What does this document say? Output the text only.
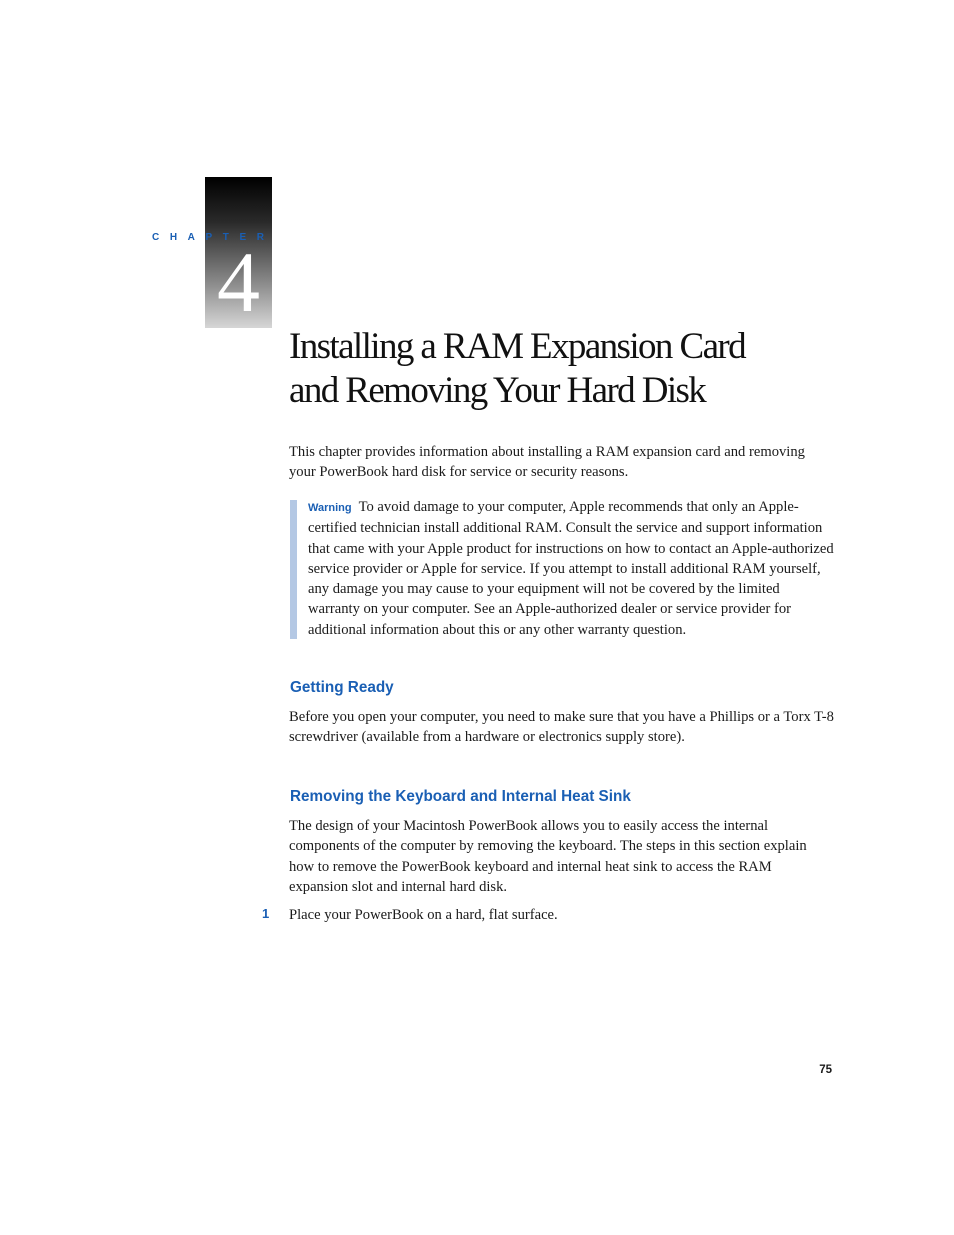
4
CHAPTER
Installing a RAM Expansion Card
and Removing Your Hard Disk

This chapter provides information about installing a RAM expansion card and removing your PowerBook hard disk for service or security reasons.

Warning To avoid damage to your computer, Apple recommends that only an Apple-certified technician install additional RAM. Consult the service and support information that came with your Apple product for instructions on how to contact an Apple-authorized service provider or Apple for service. If you attempt to install additional RAM yourself, any damage you may cause to your equipment will not be covered by the limited warranty on your computer. See an Apple-authorized dealer or service provider for additional information about this or any other warranty question.

Getting Ready

Before you open your computer, you need to make sure that you have a Phillips or a Torx T-8 screwdriver (available from a hardware or electronics supply store).

Removing the Keyboard and Internal Heat Sink

The design of your Macintosh PowerBook allows you to easily access the internal components of the computer by removing the keyboard. The steps in this section explain how to remove the PowerBook keyboard and internal heat sink to access the RAM expansion slot and internal hard disk.

1 Place your PowerBook on a hard, flat surface.

75
